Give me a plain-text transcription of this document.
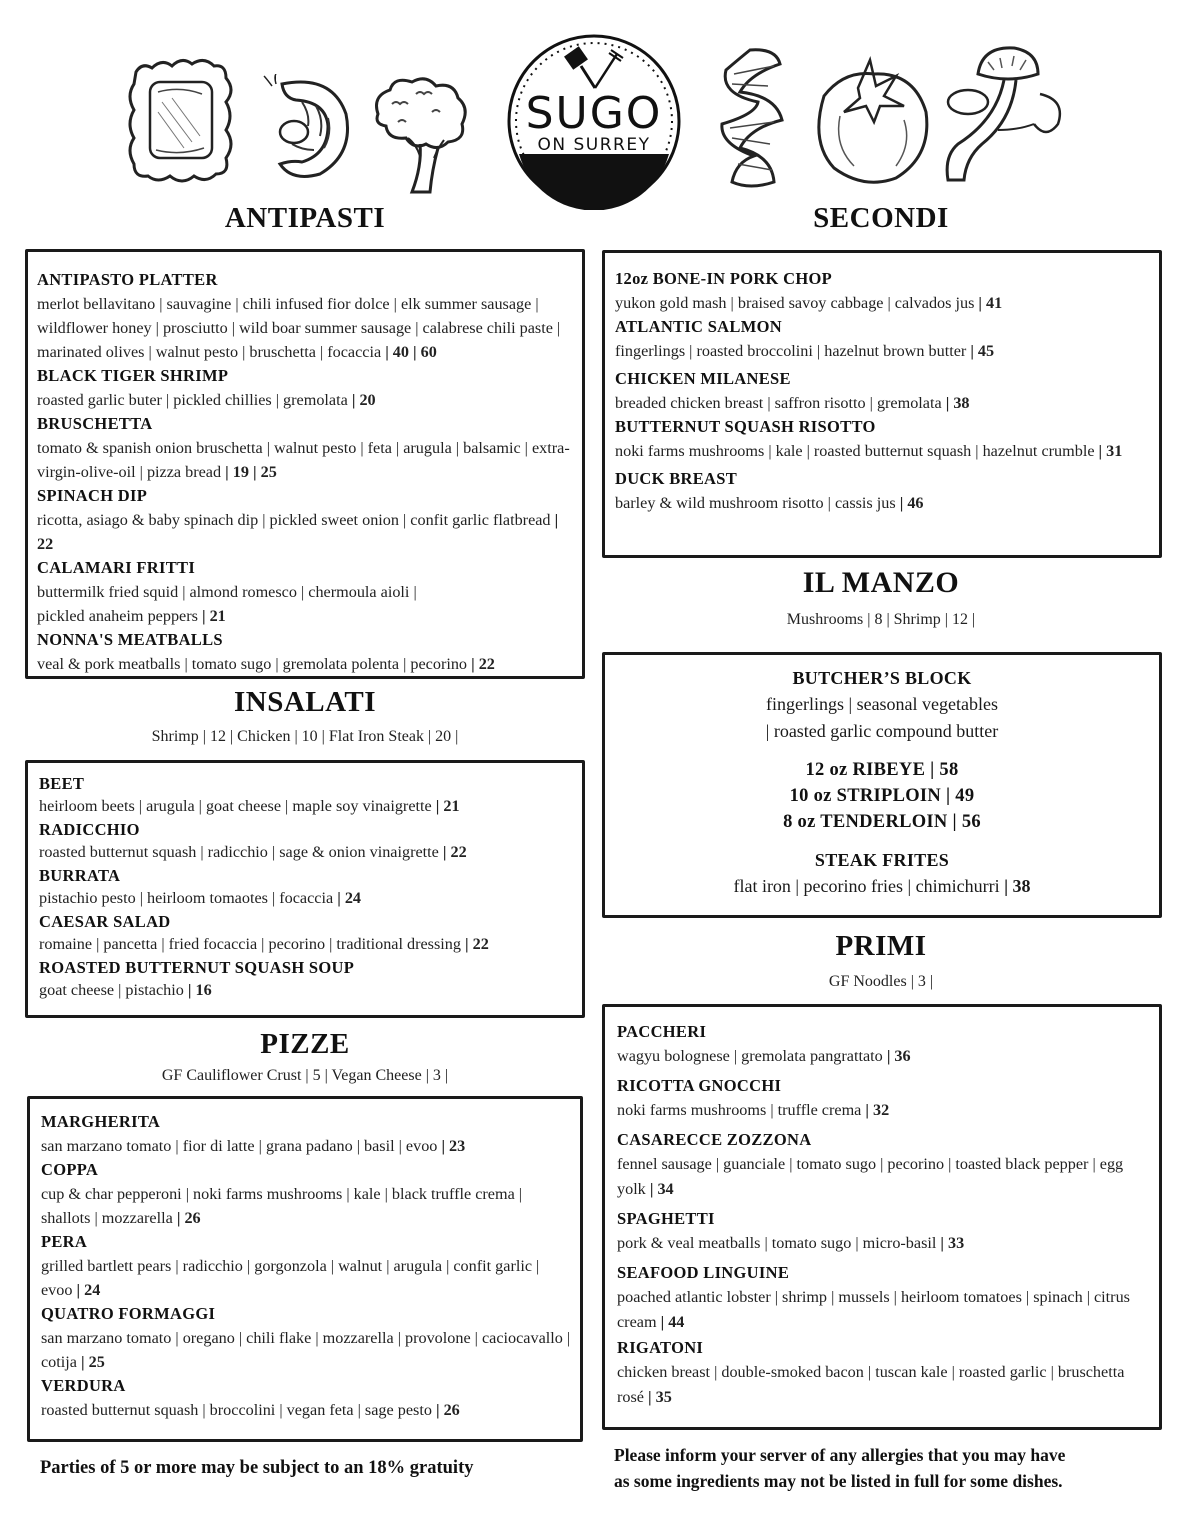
SUGO
ON SURREY
ANTIPASTI	SECONDI
ANTIPASTO PLATTER
merlot bellavitano | sauvagine | chili infused fior dolce | elk summer sausage | wildflower honey | prosciutto | wild boar summer sausage | calabrese chili paste | marinated olives | walnut pesto | bruschetta | focaccia | 40 | 60
BLACK TIGER SHRIMP
roasted garlic buter | pickled chillies | gremolata | 20
BRUSCHETTA
tomato & spanish onion bruschetta | walnut pesto | feta | arugula | balsamic | extra-virgin-olive-oil | pizza bread | 19 | 25
SPINACH DIP
ricotta, asiago & baby spinach dip | pickled sweet onion | confit garlic flatbread | 22
CALAMARI FRITTI
buttermilk fried squid | almond romesco | chermoula aioli | pickled anaheim peppers | 21
NONNA'S MEATBALLS
veal & pork meatballs | tomato sugo | gremolata polenta | pecorino | 22
INSALATI
Shrimp | 12 | Chicken | 10 | Flat Iron Steak | 20 |
BEET
heirloom beets | arugula | goat cheese | maple soy vinaigrette | 21
RADICCHIO
roasted butternut squash | radicchio | sage & onion vinaigrette | 22
BURRATA
pistachio pesto | heirloom tomaotes | focaccia | 24
CAESAR SALAD
romaine | pancetta | fried focaccia | pecorino | traditional dressing | 22
ROASTED BUTTERNUT SQUASH SOUP
goat cheese | pistachio | 16
PIZZE
GF Cauliflower Crust | 5 | Vegan Cheese | 3 |
MARGHERITA
san marzano tomato | fior di latte | grana padano | basil | evoo | 23
COPPA
cup & char pepperoni | noki farms mushrooms | kale | black truffle crema | shallots | mozzarella | 26
PERA
grilled bartlett pears | radicchio | gorgonzola | walnut | arugula | confit garlic | evoo | 24
QUATRO FORMAGGI
san marzano tomato | oregano | chili flake | mozzarella | provolone | caciocavallo | cotija | 25
VERDURA
roasted butternut squash | broccolini | vegan feta | sage pesto | 26
Parties of 5 or more may be subject to an 18% gratuity
12oz BONE-IN PORK CHOP
yukon gold mash | braised savoy cabbage | calvados jus | 41
ATLANTIC SALMON
fingerlings | roasted broccolini | hazelnut brown butter | 45
CHICKEN MILANESE
breaded chicken breast | saffron risotto | gremolata | 38
BUTTERNUT SQUASH RISOTTO
noki farms mushrooms | kale | roasted butternut squash | hazelnut crumble | 31
DUCK BREAST
barley & wild mushroom risotto | cassis jus | 46
IL MANZO
Mushrooms | 8 | Shrimp | 12 |
BUTCHER’S BLOCK
fingerlings | seasonal vegetables
| roasted garlic compound butter
12 oz RIBEYE | 58
10 oz STRIPLOIN | 49
8 oz TENDERLOIN | 56
STEAK FRITES
flat iron | pecorino fries | chimichurri | 38
PRIMI
GF Noodles | 3 |
PACCHERI
wagyu bolognese | gremolata pangrattato | 36
RICOTTA GNOCCHI
noki farms mushrooms | truffle crema | 32
CASARECCE ZOZZONA
fennel sausage | guanciale | tomato sugo | pecorino | toasted black pepper | egg yolk | 34
SPAGHETTI
pork & veal meatballs | tomato sugo | micro-basil | 33
SEAFOOD LINGUINE
poached atlantic lobster | shrimp | mussels | heirloom tomatoes | spinach | citrus cream | 44
RIGATONI
chicken breast | double-smoked bacon | tuscan kale | roasted garlic | bruschetta rosé | 35
Please inform your server of any allergies that you may have
as some ingredients may not be listed in full for some dishes.
